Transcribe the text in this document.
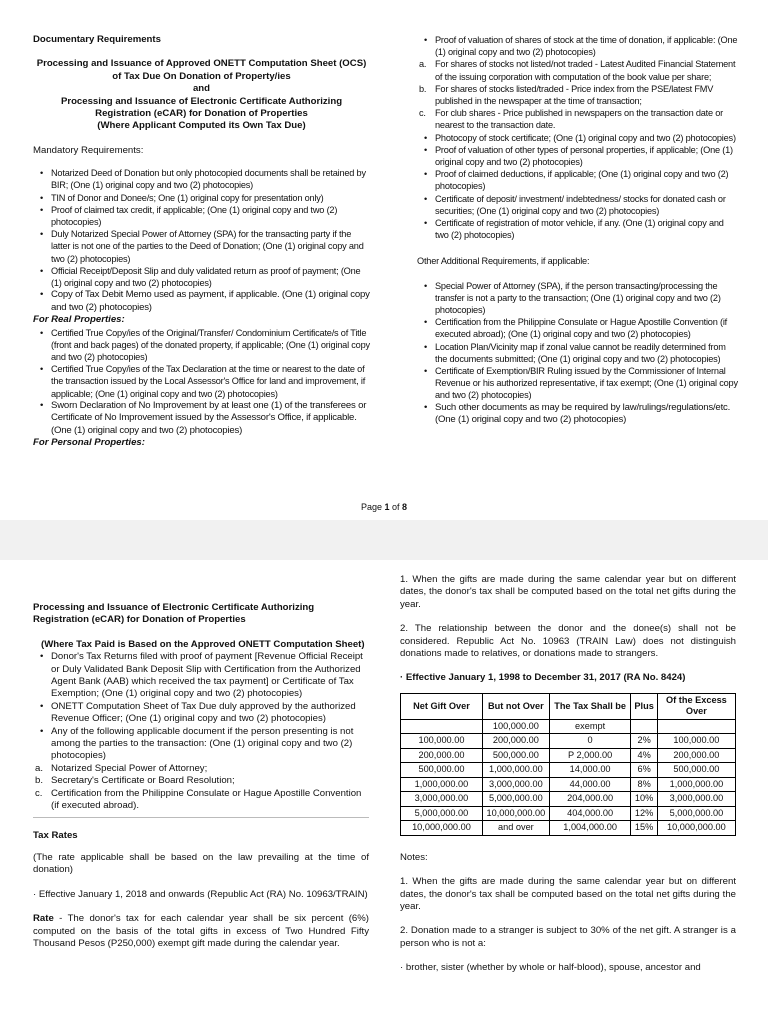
Documentary Requirements
Processing and Issuance of Approved ONETT Computation Sheet (OCS) of Tax Due On Donation of Property/ies
and
Processing and Issuance of Electronic Certificate Authorizing Registration (eCAR) for Donation of Properties
(Where Applicant Computed its Own Tax Due)
Mandatory Requirements:
• Notarized Deed of Donation but only photocopied documents shall be retained by BIR; (One (1) original copy and two (2) photocopies)
• TIN of Donor and Donee/s; One (1) original copy for presentation only)
• Proof of claimed tax credit, if applicable; (One (1) original copy and two (2) photocopies)
• Duly Notarized Special Power of Attorney (SPA) for the transacting party if the latter is not one of the parties to the Deed of Donation; (One (1) original copy and two (2) photocopies)
• Official Receipt/Deposit Slip and duly validated return as proof of payment; (One (1) original copy and two (2) photocopies)
• Copy of Tax Debit Memo used as payment, if applicable. (One (1) original copy and two (2) photocopies)
For Real Properties:
• Certified True Copy/ies of the Original/Transfer/ Condominium Certificate/s of Title (front and back pages) of the donated property, if applicable; (One (1) original copy and two (2) photocopies)
• Certified True Copy/ies of the Tax Declaration at the time or nearest to the date of the transaction issued by the Local Assessor's Office for land and improvement, if applicable; (One (1) original copy and two (2) photocopies)
• Sworn Declaration of No Improvement by at least one (1) of the transferees or Certificate of No Improvement issued by the Assessor's Office, if applicable. (One (1) original copy and two (2) photocopies)
For Personal Properties:
• Proof of valuation of shares of stock at the time of donation, if applicable: (One (1) original copy and two (2) photocopies)
a. For shares of stocks not listed/not traded - Latest Audited Financial Statement of the issuing corporation with computation of the book value per share;
b. For shares of stocks listed/traded - Price index from the PSE/latest FMV published in the newspaper at the time of transaction;
c. For club shares - Price published in newspapers on the transaction date or nearest to the transaction date.
• Photocopy of stock certificate; (One (1) original copy and two (2) photocopies)
• Proof of valuation of other types of personal properties, if applicable; (One (1) original copy and two (2) photocopies)
• Proof of claimed deductions, if applicable; (One (1) original copy and two (2) photocopies)
• Certificate of deposit/ investment/ indebtedness/ stocks for donated cash or securities; (One (1) original copy and two (2) photocopies)
• Certificate of registration of motor vehicle, if any. (One (1) original copy and two (2) photocopies)
Other Additional Requirements, if applicable:
• Special Power of Attorney (SPA), if the person transacting/processing the transfer is not a party to the transaction; (One (1) original copy and two (2) photocopies)
• Certification from the Philippine Consulate or Hague Apostille Convention (if executed abroad); (One (1) original copy and two (2) photocopies)
• Location Plan/Vicinity map if zonal value cannot be readily determined from the documents submitted; (One (1) original copy and two (2) photocopies)
• Certificate of Exemption/BIR Ruling issued by the Commissioner of Internal Revenue or his authorized representative, if tax exempt; (One (1) original copy and two (2) photocopies)
• Such other documents as may be required by law/rulings/regulations/etc. (One (1) original copy and two (2) photocopies)
Page 1 of 8
Processing and Issuance of Electronic Certificate Authorizing Registration (eCAR) for Donation of Properties
(Where Tax Paid is Based on the Approved ONETT Computation Sheet)
• Donor's Tax Returns filed with proof of payment [Revenue Official Receipt or Duly Validated Bank Deposit Slip with Certification from the Authorized Agent Bank (AAB) which received the tax payment] or Certificate of Tax Exemption; (One (1) original copy and two (2) photocopies)
• ONETT Computation Sheet of Tax Due duly approved by the authorized Revenue Officer; (One (1) original copy and two (2) photocopies)
• Any of the following applicable document if the person presenting is not among the parties to the transaction: (One (1) original copy and two (2) photocopies)
a. Notarized Special Power of Attorney;
b. Secretary's Certificate or Board Resolution;
c. Certification from the Philippine Consulate or Hague Apostille Convention (if executed abroad).
Tax Rates

(The rate applicable shall be based on the law prevailing at the time of donation)

· Effective January 1, 2018 and onwards (Republic Act (RA) No. 10963/TRAIN)

Rate - The donor's tax for each calendar year shall be six percent (6%) computed on the basis of the total gifts in excess of Two Hundred Fifty Thousand Pesos (P250,000) exempt gift made during the calendar year.

1. When the gifts are made during the same calendar year but on different dates, the donor's tax shall be computed based on the total net gifts during the year.

2. The relationship between the donor and the donee(s) shall not be considered. Republic Act No. 10963 (TRAIN Law) does not distinguish donations made to relatives, or donations made to strangers.

· Effective January 1, 1998 to December 31, 2017 (RA No. 8424)
Net Gift Over	But not Over	The Tax Shall be	Plus	Of the Excess Over
	100,000.00	exempt		
100,000.00	200,000.00	0	2%	100,000.00
200,000.00	500,000.00	P 2,000.00	4%	200,000.00
500,000.00	1,000,000.00	14,000.00	6%	500,000.00
1,000,000.00	3,000,000.00	44,000.00	8%	1,000,000.00
3,000,000.00	5,000,000.00	204,000.00	10%	3,000,000.00
5,000,000.00	10,000,000.00	404,000.00	12%	5,000,000.00
10,000,000.00	and over	1,004,000.00	15%	10,000,000.00
Notes:

1. When the gifts are made during the same calendar year but on different dates, the donor's tax shall be computed based on the total net gifts during the year.

2. Donation made to a stranger is subject to 30% of the net gift. A stranger is a person who is not a:

· brother, sister (whether by whole or half-blood), spouse, ancestor and
